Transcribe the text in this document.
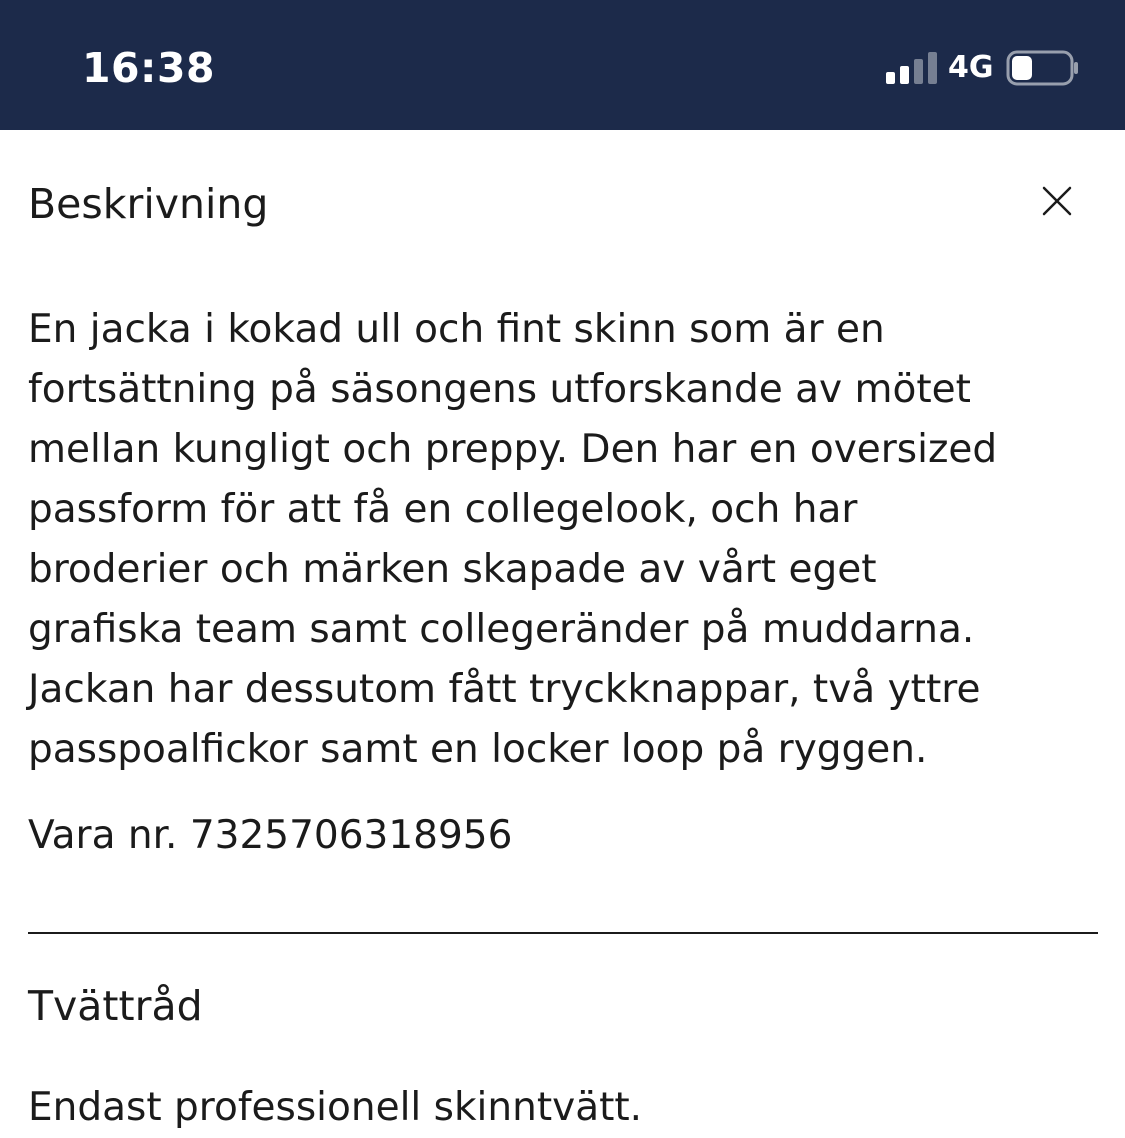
16:38	4G
Beskrivning

En jacka i kokad ull och fint skinn som är en
fortsättning på säsongens utforskande av mötet
mellan kungligt och preppy. Den har en oversized
passform för att få en collegelook, och har
broderier och märken skapade av vårt eget
grafiska team samt collegeränder på muddarna.
Jackan har dessutom fått tryckknappar, två yttre
passpoalfickor samt en locker loop på ryggen.

Vara nr. 7325706318956

Tvättråd

Endast professionell skinntvätt.
